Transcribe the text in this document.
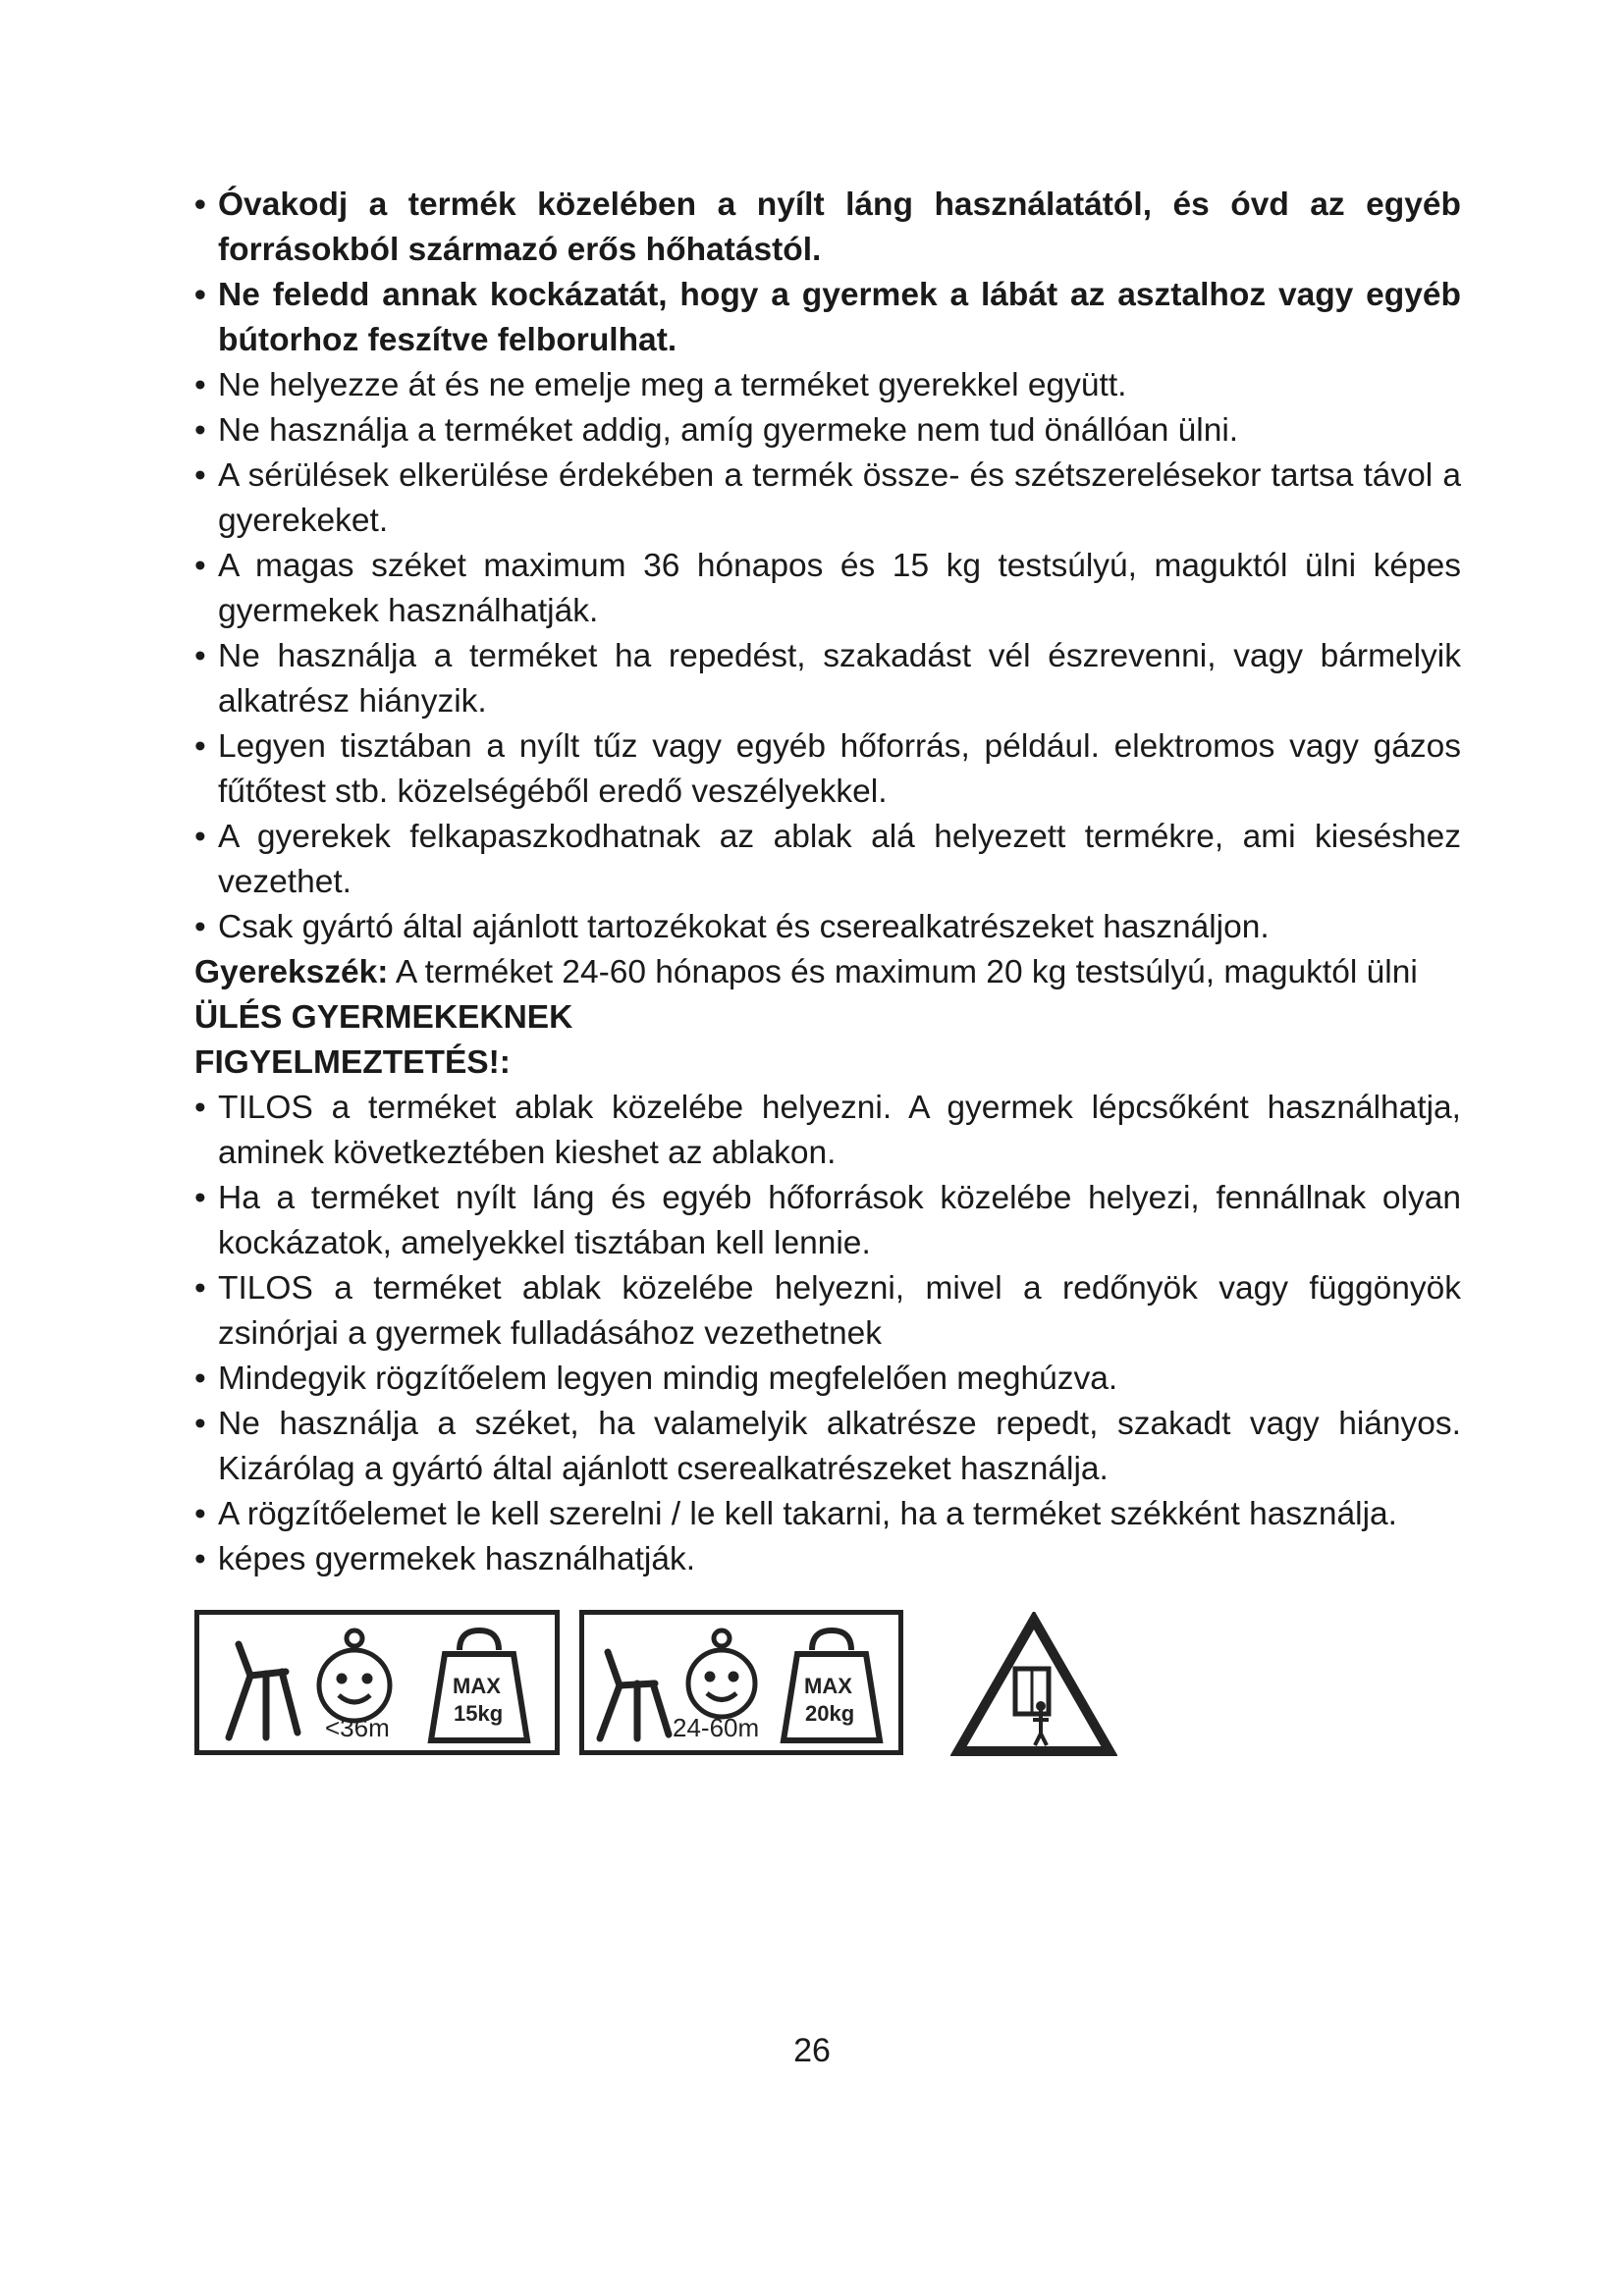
• Óvakodj a termék közelében a nyílt láng használatától, és óvd az egyéb forrásokból származó erős hőhatástól.
• Ne feledd annak kockázatát, hogy a gyermek a lábát az asztalhoz vagy egyéb bútorhoz feszítve felborulhat.
• Ne helyezze át és ne emelje meg a terméket gyerekkel együtt.
• Ne használja a terméket addig, amíg gyermeke nem tud önállóan ülni.
• A sérülések elkerülése érdekében a termék össze- és szétszerelésekor tartsa távol a gyerekeket.
• A magas széket maximum 36 hónapos és 15 kg testsúlyú, maguktól ülni képes gyermekek használhatják.
• Ne használja a terméket ha repedést, szakadást vél észrevenni, vagy bármelyik alkatrész hiányzik.
• Legyen tisztában a nyílt tűz vagy egyéb hőforrás, például. elektromos vagy gázos fűtőtest stb. közelségéből eredő veszélyekkel.
• A gyerekek felkapaszkodhatnak az ablak alá helyezett termékre, ami kieséshez vezethet.
• Csak gyártó által ajánlott tartozékokat és cserealkatrészeket használjon.
Gyerekszék: A terméket 24-60 hónapos és maximum 20 kg testsúlyú, maguktól ülni
ÜLÉS GYERMEKEKNEK
FIGYELMEZTETÉS!:
• TILOS a terméket ablak közelébe helyezni. A gyermek lépcsőként használhatja, aminek következtében kieshet az ablakon.
• Ha a terméket nyílt láng és egyéb hőforrások közelébe helyezi, fennállnak olyan kockázatok, amelyekkel tisztában kell lennie.
• TILOS a terméket ablak közelébe helyezni, mivel a redőnyök vagy függönyök zsinórjai a gyermek fulladásához vezethetnek
• Mindegyik rögzítőelem legyen mindig megfelelően meghúzva.
• Ne használja a széket, ha valamelyik alkatrésze repedt, szakadt vagy hiányos. Kizárólag a gyártó által ajánlott cserealkatrészeket használja.
• A rögzítőelemet le kell szerelni / le kell takarni, ha a terméket székként használja.
• képes gyermekek használhatják.
<36m
MAX
15kg	24-60m
MAX
20kg
26
